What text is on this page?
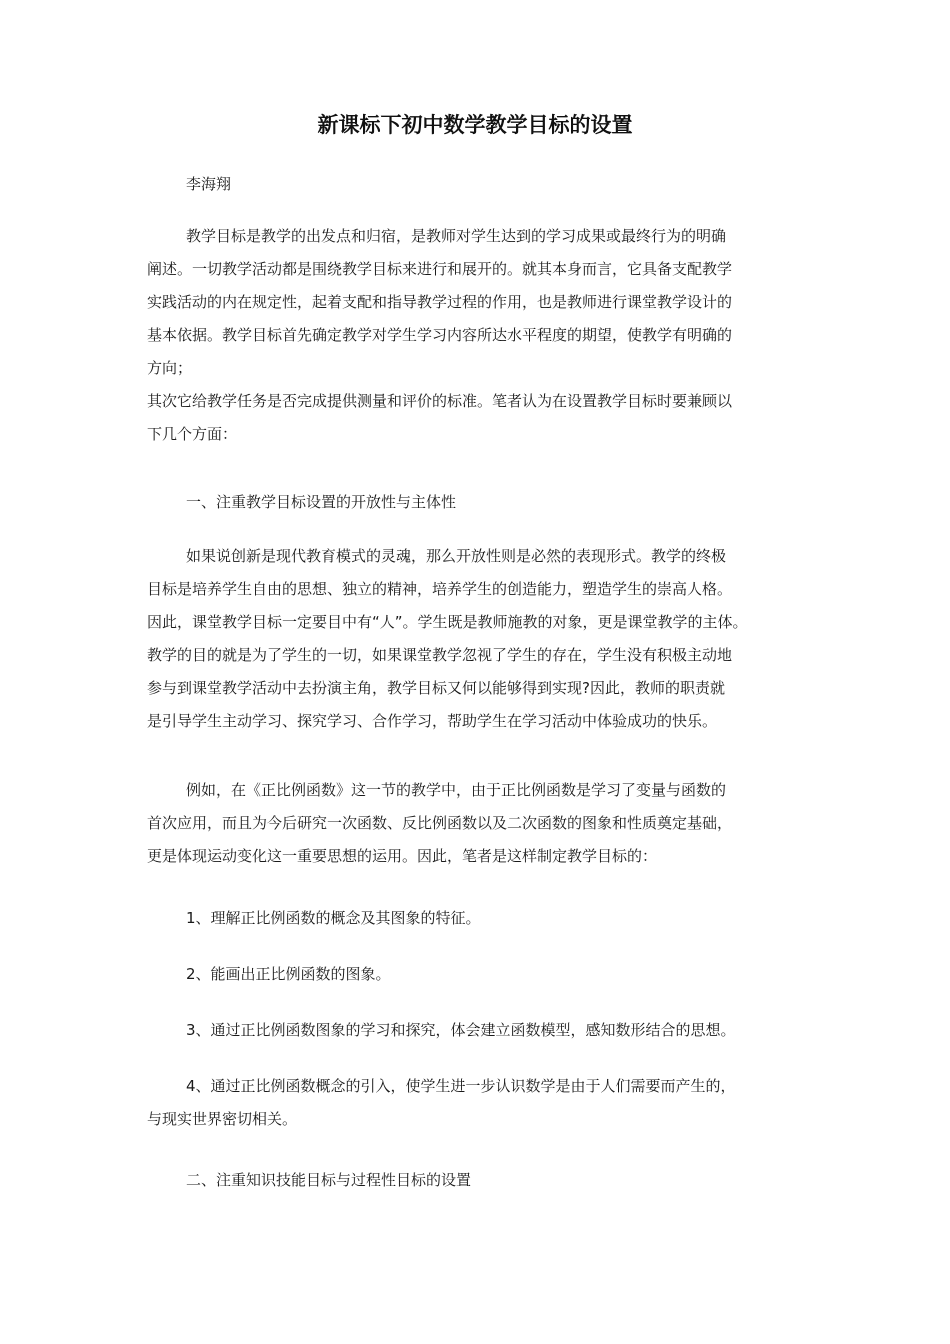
新课标下初中数学教学目标的设置
李海翔
教学目标是教学的出发点和归宿，是教师对学生达到的学习成果或最终行为的明确
阐述。一切教学活动都是围绕教学目标来进行和展开的。就其本身而言，它具备支配教学
实践活动的内在规定性，起着支配和指导教学过程的作用，也是教师进行课堂教学设计的
基本依据。教学目标首先确定教学对学生学习内容所达水平程度的期望，使教学有明确的
方向；
其次它给教学任务是否完成提供测量和评价的标准。笔者认为在设置教学目标时要兼顾以
下几个方面：
一、注重教学目标设置的开放性与主体性
如果说创新是现代教育模式的灵魂，那么开放性则是必然的表现形式。教学的终极
目标是培养学生自由的思想、独立的精神，培养学生的创造能力，塑造学生的崇高人格。
因此，课堂教学目标一定要目中有“人”。学生既是教师施教的对象，更是课堂教学的主体。
教学的目的就是为了学生的一切，如果课堂教学忽视了学生的存在，学生没有积极主动地
参与到课堂教学活动中去扮演主角，教学目标又何以能够得到实现?因此，教师的职责就
是引导学生主动学习、探究学习、合作学习，帮助学生在学习活动中体验成功的快乐。
例如，在《正比例函数》这一节的教学中，由于正比例函数是学习了变量与函数的
首次应用，而且为今后研究一次函数、反比例函数以及二次函数的图象和性质奠定基础，
更是体现运动变化这一重要思想的运用。因此，笔者是这样制定教学目标的：
1、理解正比例函数的概念及其图象的特征。
2、能画出正比例函数的图象。
3、通过正比例函数图象的学习和探究，体会建立函数模型，感知数形结合的思想。
4、通过正比例函数概念的引入，使学生进一步认识数学是由于人们需要而产生的，
与现实世界密切相关。
二、注重知识技能目标与过程性目标的设置
